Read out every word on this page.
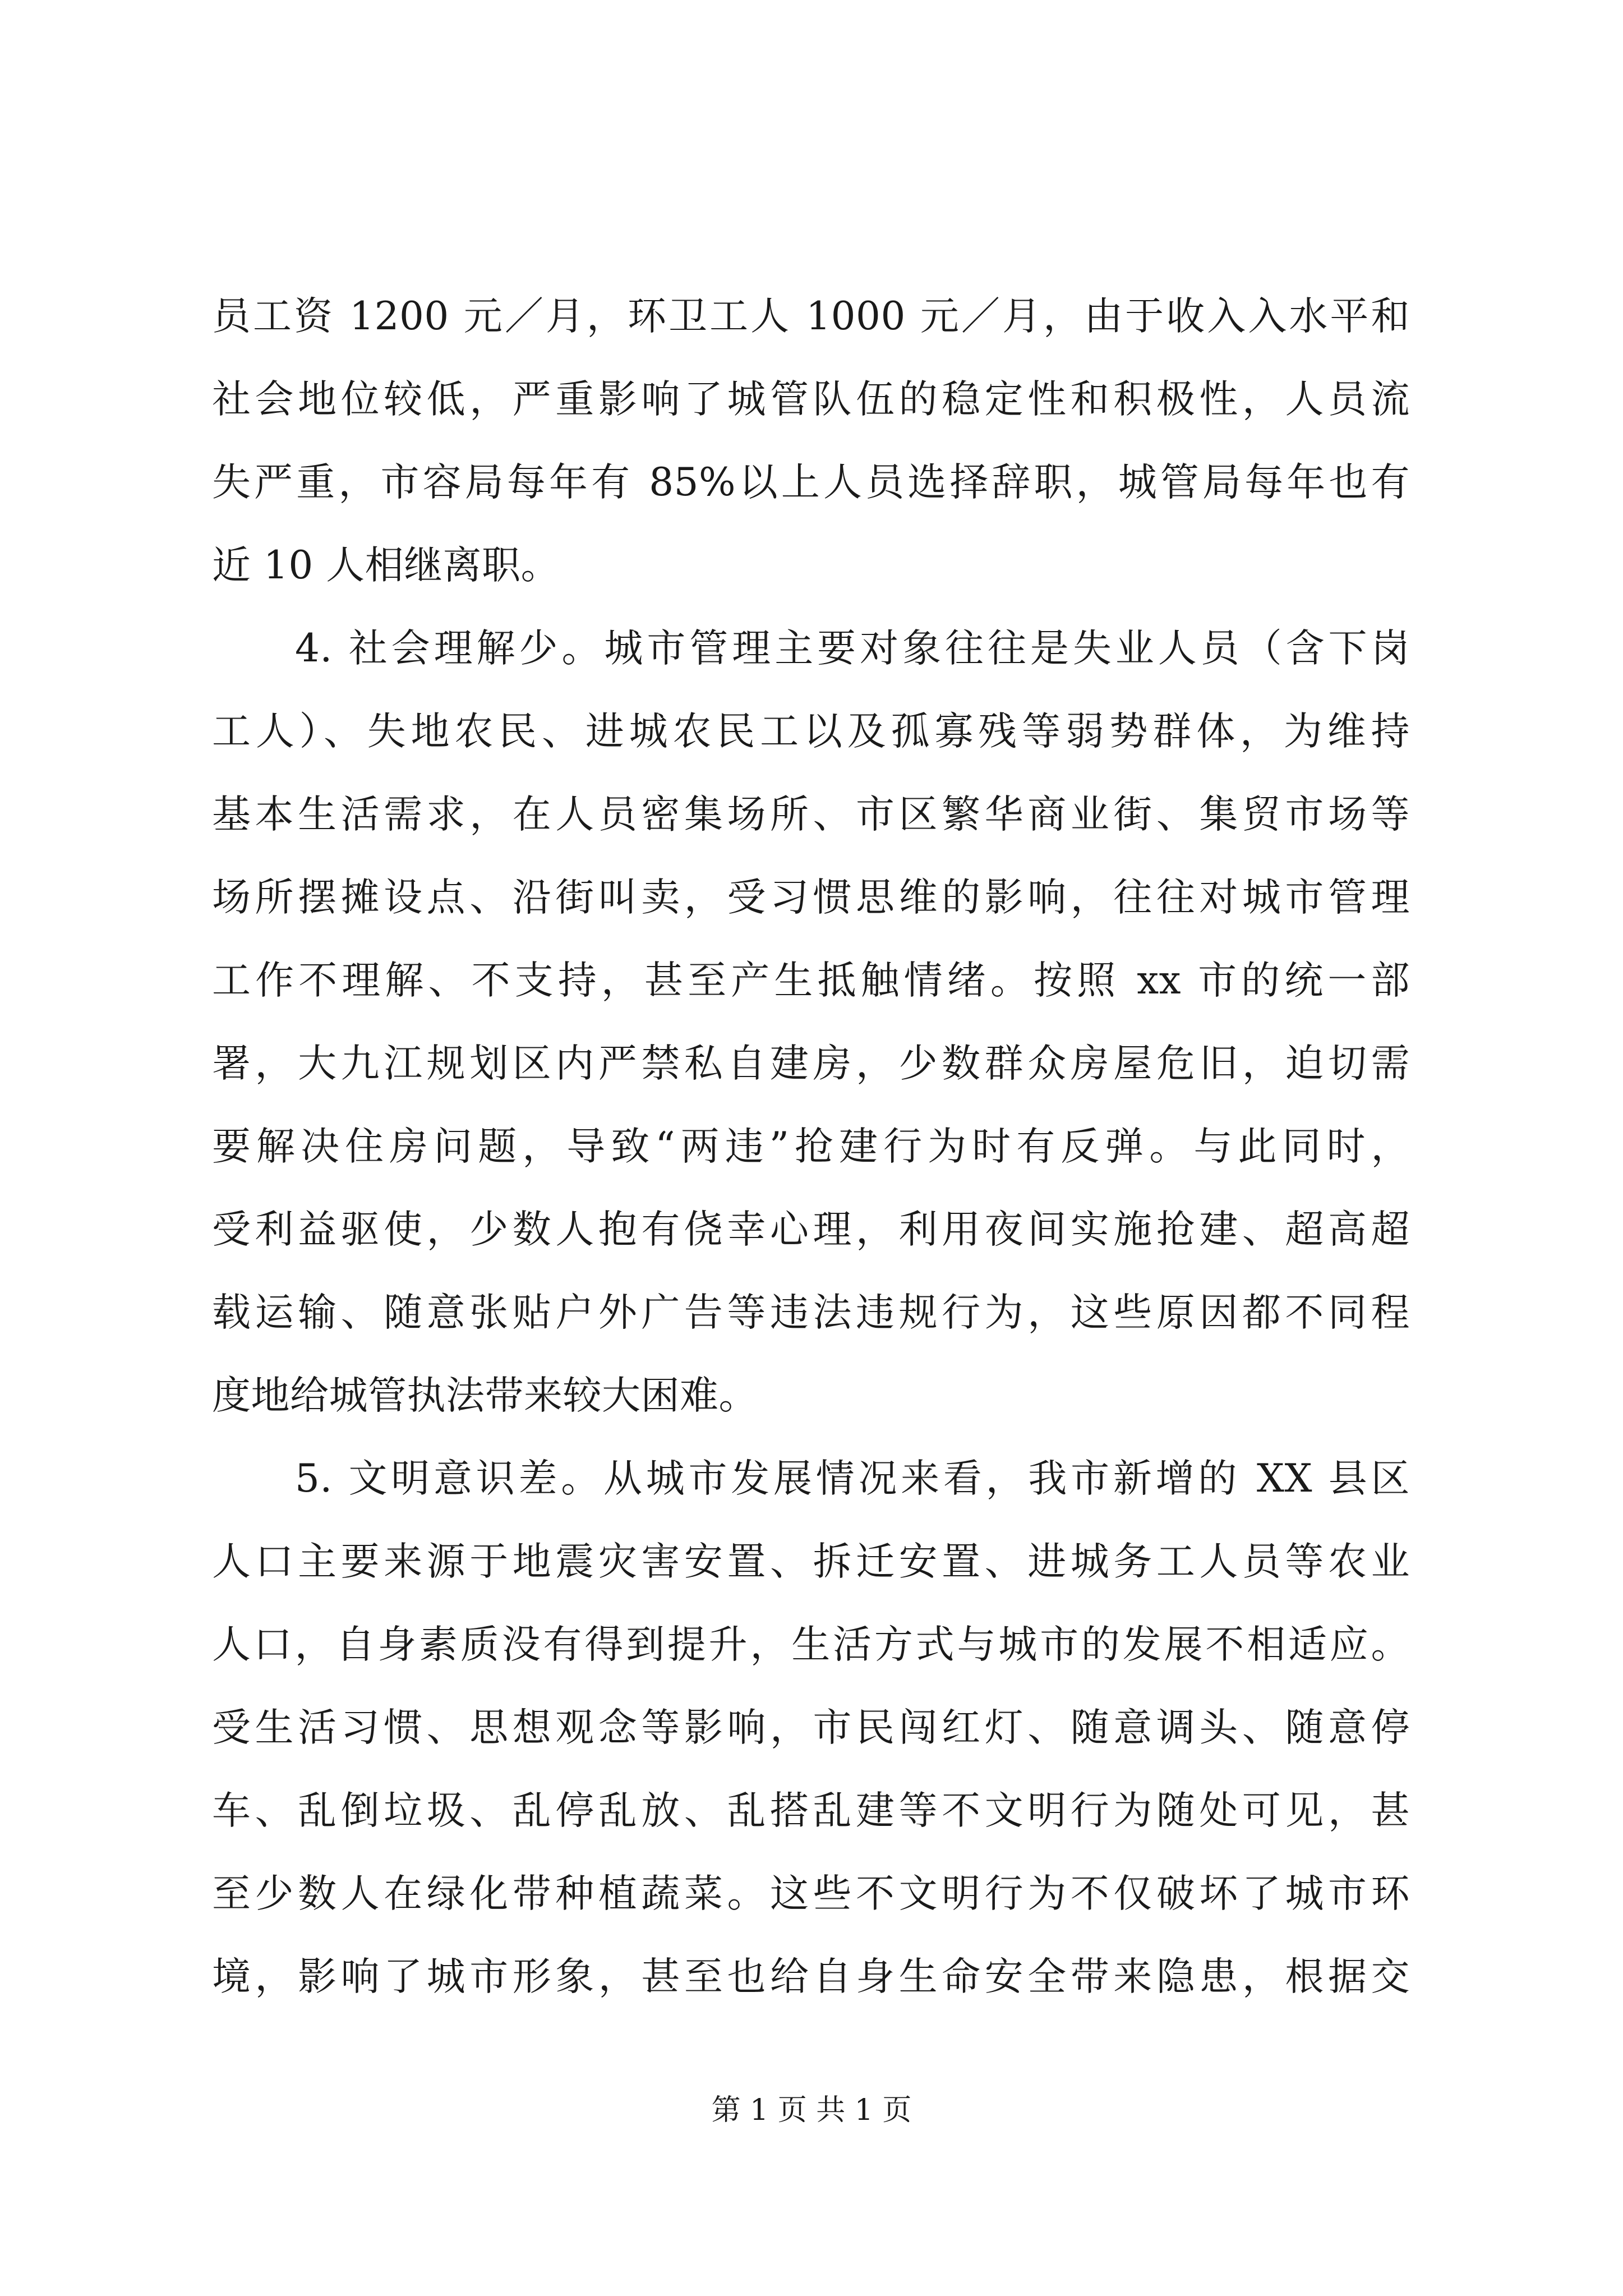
员工资 1200 元／月，环卫工人 1000 元／月，由于收入入水平和
社会地位较低，严重影响了城管队伍的稳定性和积极性，人员流
失严重，市容局每年有 85%以上人员选择辞职，城管局每年也有
近 10 人相继离职。
4. 社会理解少。城市管理主要对象往往是失业人员（含下岗
工人）、失地农民、进城农民工以及孤寡残等弱势群体，为维持
基本生活需求，在人员密集场所、市区繁华商业街、集贸市场等
场所摆摊设点、沿街叫卖，受习惯思维的影响，往往对城市管理
工作不理解、不支持，甚至产生抵触情绪。按照 xx 市的统一部
署，大九江规划区内严禁私自建房，少数群众房屋危旧，迫切需
要解决住房问题，导致“两违”抢建行为时有反弹。与此同时，
受利益驱使，少数人抱有侥幸心理，利用夜间实施抢建、超高超
载运输、随意张贴户外广告等违法违规行为，这些原因都不同程
度地给城管执法带来较大困难。
5. 文明意识差。从城市发展情况来看，我市新增的 XX 县区
人口主要来源于地震灾害安置、拆迁安置、进城务工人员等农业
人口，自身素质没有得到提升，生活方式与城市的发展不相适应。
受生活习惯、思想观念等影响，市民闯红灯、随意调头、随意停
车、乱倒垃圾、乱停乱放、乱搭乱建等不文明行为随处可见，甚
至少数人在绿化带种植蔬菜。这些不文明行为不仅破坏了城市环
境，影响了城市形象，甚至也给自身生命安全带来隐患，根据交
第 1 页 共 1 页
